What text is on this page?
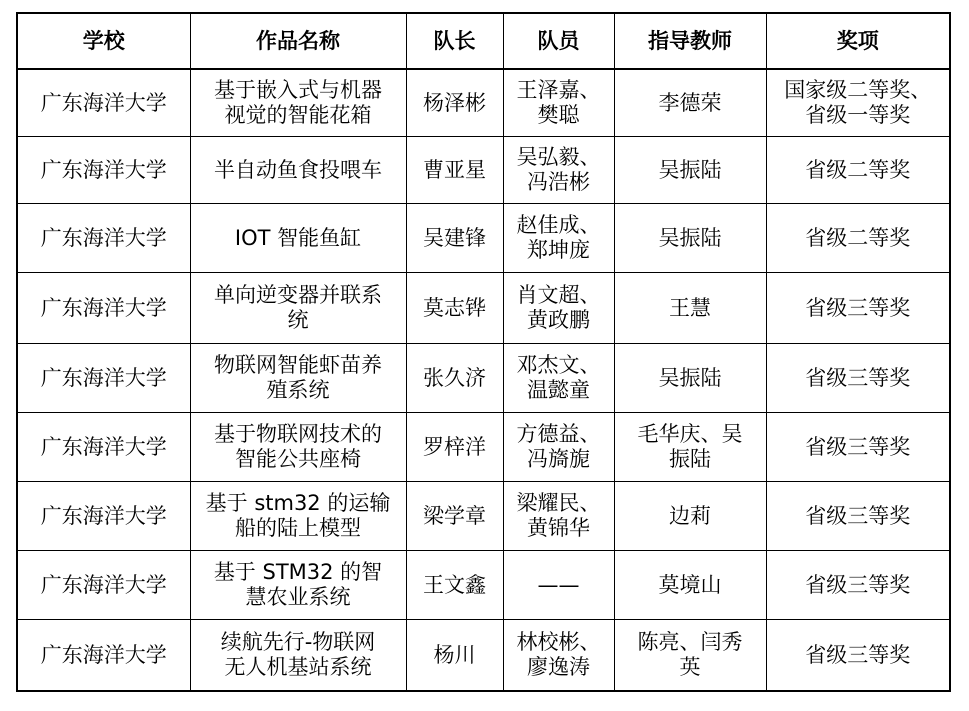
学校	作品名称	队长	队员	指导教师	奖项
广东海洋大学	基于嵌入式与机器
视觉的智能花箱	杨泽彬	王泽嘉、
樊聪	李德荣	国家级二等奖、
省级一等奖

广东海洋大学	半自动鱼食投喂车	曹亚星	吴弘毅、
冯浩彬	吴振陆	省级二等奖

广东海洋大学	IOT 智能鱼缸	吴建锋	赵佳成、
郑坤庞	吴振陆	省级二等奖

广东海洋大学	单向逆变器并联系
统	莫志铧	肖文超、
黄政鹏	王慧	省级三等奖

广东海洋大学	物联网智能虾苗养
殖系统	张久济	邓杰文、
温懿童	吴振陆	省级三等奖

广东海洋大学	基于物联网技术的
智能公共座椅	罗梓洋	方德益、
冯旖旎	毛华庆、吴
振陆	省级三等奖

广东海洋大学	基于 stm32 的运输
船的陆上模型	梁学章	梁耀民、
黄锦华	边莉	省级三等奖

广东海洋大学	基于 STM32 的智
慧农业系统	王文鑫	——	莫境山	省级三等奖

广东海洋大学	续航先行-物联网
无人机基站系统	杨川	林校彬、
廖逸涛	陈亮、闫秀
英	省级三等奖
